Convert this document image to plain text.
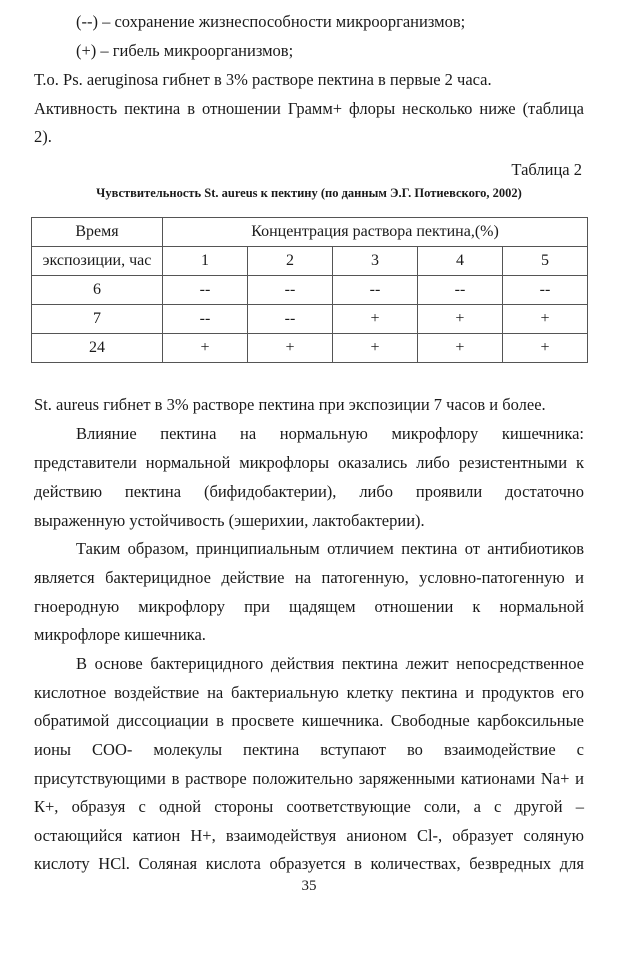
(--) – сохранение жизнеспособности микроорганизмов;
(+) – гибель микроорганизмов;
Т.о. Ps. aeruginosa гибнет в 3% растворе пектина в первые 2 часа.
Активность пектина в отношении Грамм+ флоры несколько ниже (таблица
2).
Таблица 2
Чувствительность St. aureus к пектину (по данным Э.Г. Потиевского, 2002)
Время	Концентрация раствора пектина,(%)				
экспозиции, час	1	2	3	4	5
6	--	--	--	--	--
7	--	--	+	+	+
24	+	+	+	+	+
St. aureus гибнет в 3% растворе пектина при экспозиции 7 часов и более.
Влияние пектина на нормальную микрофлору кишечника:
представители нормальной микрофлоры оказались либо резистентными к
действию пектина (бифидобактерии), либо проявили достаточно
выраженную устойчивость (эшерихии, лактобактерии).
Таким образом, принципиальным отличием пектина от антибиотиков
является бактерицидное действие на патогенную, условно-патогенную и
гноеродную микрофлору при щадящем отношении к нормальной
микрофлоре кишечника.
В основе бактерицидного действия пектина лежит непосредственное
кислотное воздействие на бактериальную клетку пектина и продуктов его
обратимой диссоциации в просвете кишечника. Свободные карбоксильные
ионы СОО- молекулы пектина вступают во взаимодействие с
присутствующими в растворе положительно заряженными катионами Na+ и
К+, образуя с одной стороны соответствующие соли, а с другой –
остающийся катион Н+, взаимодействуя анионом Cl-, образует соляную
кислоту HCl. Соляная кислота образуется в количествах, безвредных для
35
